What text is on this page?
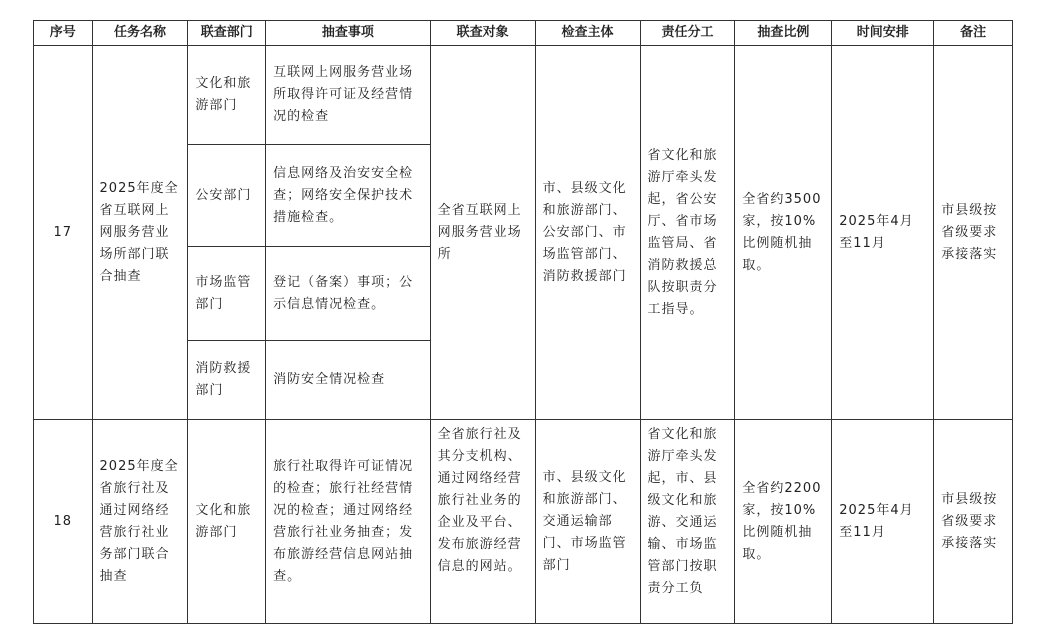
序号	任务名称	联查部门	抽查事项	联查对象	检查主体	责任分工	抽查比例	时间安排	备注
17	2025年度全省互联网上网服务营业场所部门联合抽查	文化和旅游部门	互联网上网服务营业场所取得许可证及经营情况的检查	全省互联网上网服务营业场所	市、县级文化和旅游部门、公安部门、市场监管部门、消防救援部门	省文化和旅游厅牵头发起，省公安厅、省市场监管局、省消防救援总队按职责分工指导。	全省约3500家，按10%比例随机抽取。	2025年4月至11月	市县级按省级要求承接落实
		公安部门	信息网络及治安安全检查；网络安全保护技术措施检查。						
		市场监管部门	登记（备案）事项；公示信息情况检查。						
		消防救援部门	消防安全情况检查						
18	2025年度全省旅行社及通过网络经营旅行社业务部门联合抽查	文化和旅游部门	旅行社取得许可证情况的检查；旅行社经营情况的检查；通过网络经营旅行社业务抽查；发布旅游经营信息网站抽查。	全省旅行社及其分支机构、通过网络经营旅行社业务的企业及平台、发布旅游经营信息的网站。	市、县级文化和旅游部门、交通运输部门、市场监管部门	省文化和旅游厅牵头发起，市、县级文化和旅游、交通运输、市场监管部门按职责分工负	全省约2200家，按10%比例随机抽取。	2025年4月至11月	市县级按省级要求承接落实
